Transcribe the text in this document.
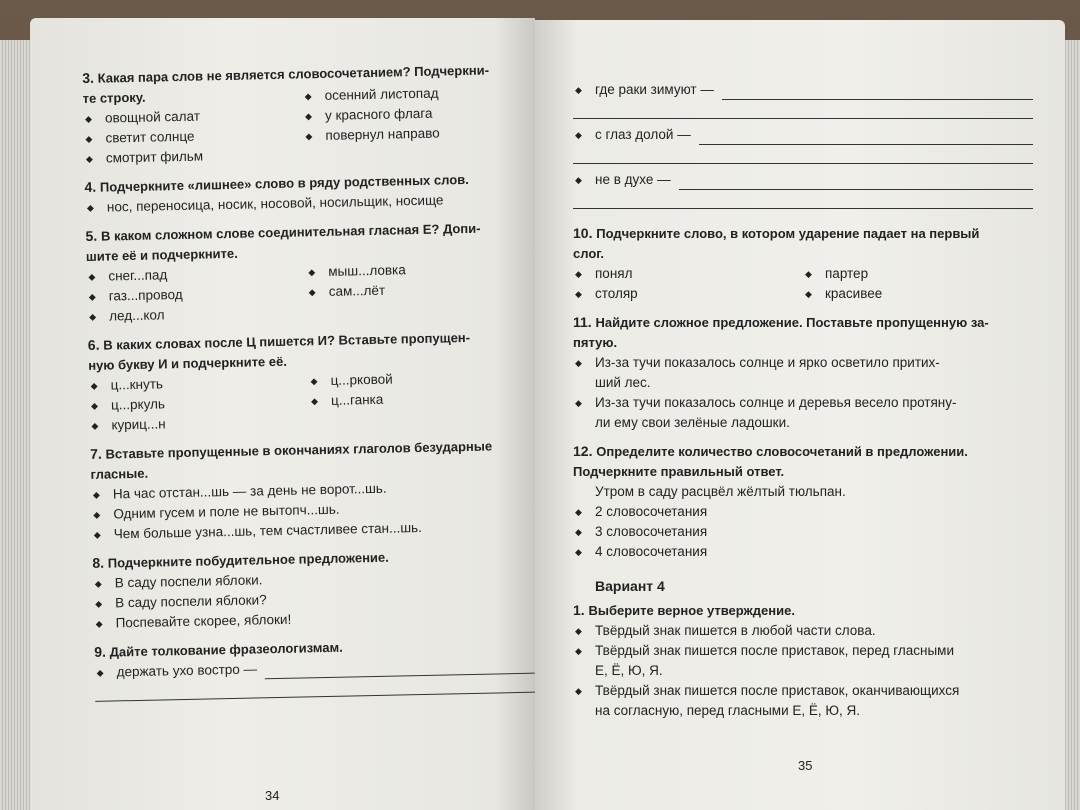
3. Какая пара слов не является словосочетанием? Подчеркни-
те строку.
◆ овощной салат
◆ светит солнце
◆ смотрит фильм
◆ осенний листопад
◆ у красного флага
◆ повернул направо
4. Подчеркните «лишнее» слово в ряду родственных слов.
◆ нос, переносица, носик, носовой, носильщик, носище
5. В каком сложном слове соединительная гласная Е? Допи-
шите её и подчеркните.
◆ снег...пад
◆ газ...провод
◆ лед...кол
◆ мыш...ловка
◆ сам...лёт
6. В каких словах после Ц пишется И? Вставьте пропущен-
ную букву И и подчеркните её.
◆ ц...кнуть
◆ ц...ркуль
◆ куриц...н
◆ ц...рковой
◆ ц...ганка
7. Вставьте пропущенные в окончаниях глаголов безударные
гласные.
◆ На час отстан...шь — за день не ворот...шь.
◆ Одним гусем и поле не вытопч...шь.
◆ Чем больше узна...шь, тем счастливее стан...шь.
8. Подчеркните побудительное предложение.
◆ В саду поспели яблоки.
◆ В саду поспели яблоки?
◆ Поспевайте скорее, яблоки!
9. Дайте толкование фразеологизмам.
◆ держать ухо востро —
34
◆ где раки зимуют —
◆ с глаз долой —
◆ не в духе —
10. Подчеркните слово, в котором ударение падает на первый
слог.
◆ понял
◆ столяр
◆ партер
◆ красивее
11. Найдите сложное предложение. Поставьте пропущенную за-
пятую.
◆ Из-за тучи показалось солнце и ярко осветило притих-
ший лес.
◆ Из-за тучи показалось солнце и деревья весело протяну-
ли ему свои зелёные ладошки.
12. Определите количество словосочетаний в предложении.
Подчеркните правильный ответ.
Утром в саду расцвёл жёлтый тюльпан.
◆ 2 словосочетания
◆ 3 словосочетания
◆ 4 словосочетания
Вариант 4
1. Выберите верное утверждение.
◆ Твёрдый знак пишется в любой части слова.
◆ Твёрдый знак пишется после приставок, перед гласными
Е, Ё, Ю, Я.
◆ Твёрдый знак пишется после приставок, оканчивающихся
на согласную, перед гласными Е, Ё, Ю, Я.
35
